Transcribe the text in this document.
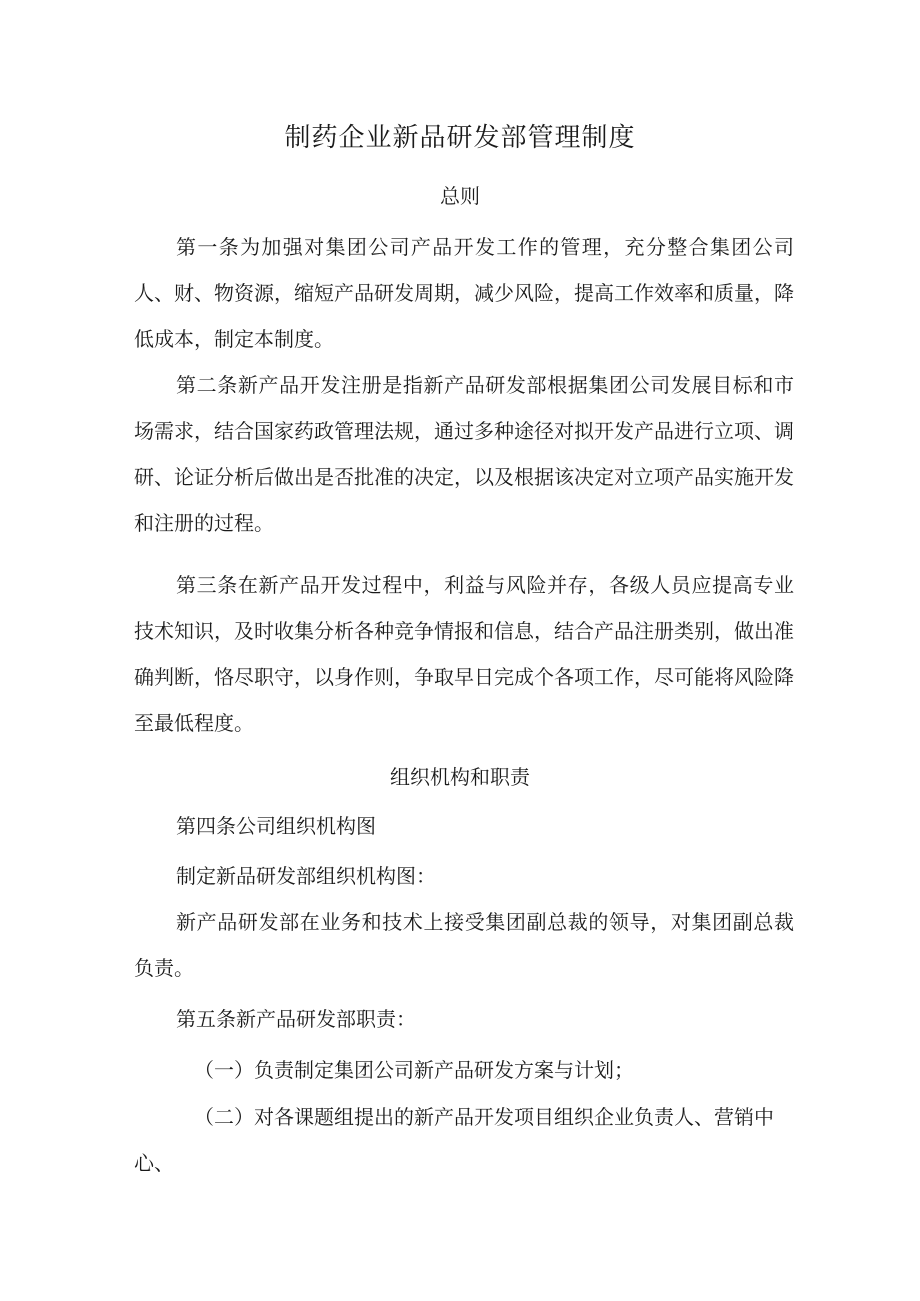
制药企业新品研发部管理制度
总则

第一条为加强对集团公司产品开发工作的管理，充分整合集团公司人、财、物资源，缩短产品研发周期，减少风险，提高工作效率和质量，降低成本，制定本制度。

第二条新产品开发注册是指新产品研发部根据集团公司发展目标和市场需求，结合国家药政管理法规，通过多种途径对拟开发产品进行立项、调研、论证分析后做出是否批准的决定，以及根据该决定对立项产品实施开发和注册的过程。

第三条在新产品开发过程中，利益与风险并存，各级人员应提高专业技术知识，及时收集分析各种竞争情报和信息，结合产品注册类别，做出准确判断，恪尽职守，以身作则，争取早日完成个各项工作，尽可能将风险降至最低程度。

组织机构和职责

第四条公司组织机构图

制定新品研发部组织机构图：

新产品研发部在业务和技术上接受集团副总裁的领导，对集团副总裁负责。

第五条新产品研发部职责：

（一）负责制定集团公司新产品研发方案与计划；

（二）对各课题组提出的新产品开发项目组织企业负责人、营销中心、
